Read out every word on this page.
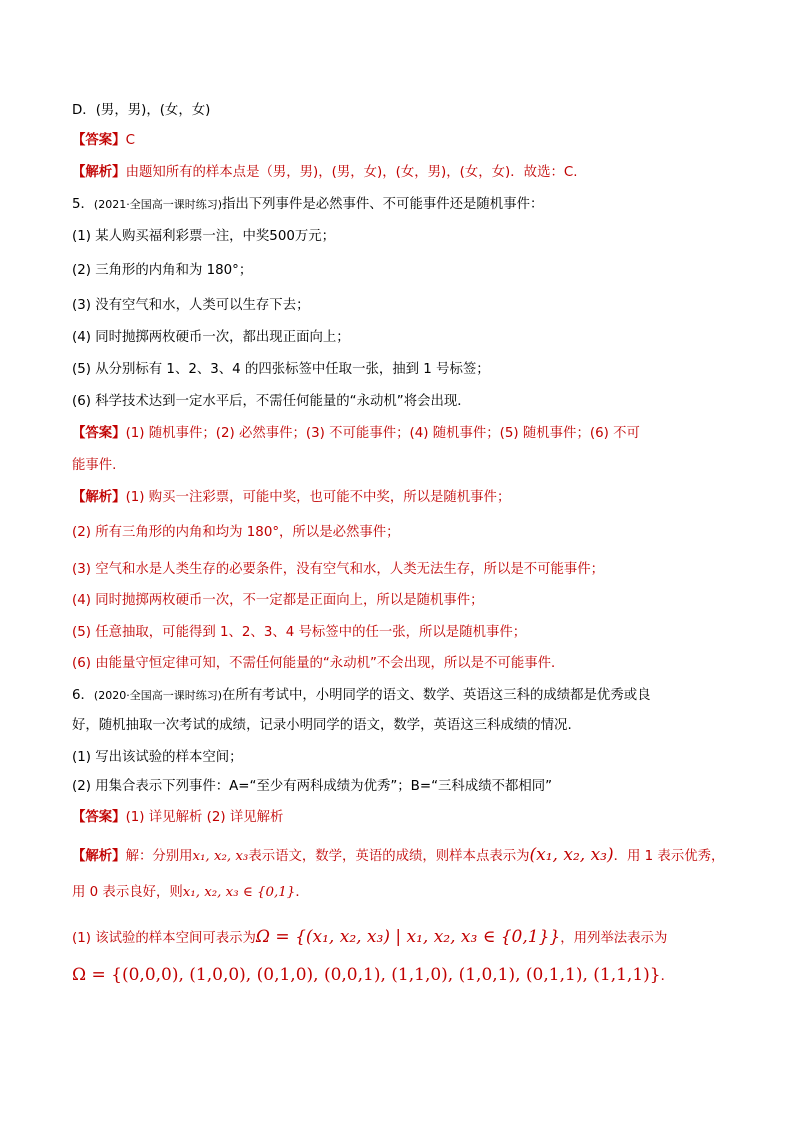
D．(男，男)，(女，女)
【答案】C
【解析】由题知所有的样本点是（男，男)，(男，女)，(女，男)，(女，女)．故选：C.
5．(2021·全国高一课时练习)指出下列事件是必然事件、不可能事件还是随机事件：
(1) 某人购买福利彩票一注，中奖500万元；
(2) 三角形的内角和为 180°；
(3) 没有空气和水，人类可以生存下去；
(4) 同时抛掷两枚硬币一次，都出现正面向上；
(5) 从分别标有 1、2、3、4 的四张标签中任取一张，抽到 1 号标签；
(6) 科学技术达到一定水平后，不需任何能量的“永动机”将会出现．
【答案】(1) 随机事件；(2) 必然事件；(3) 不可能事件；(4) 随机事件；(5) 随机事件；(6) 不可
能事件.
【解析】(1) 购买一注彩票，可能中奖，也可能不中奖，所以是随机事件；
(2) 所有三角形的内角和均为 180°，所以是必然事件；
(3) 空气和水是人类生存的必要条件，没有空气和水，人类无法生存，所以是不可能事件；
(4) 同时抛掷两枚硬币一次，不一定都是正面向上，所以是随机事件；
(5) 任意抽取，可能得到 1、2、3、4 号标签中的任一张，所以是随机事件；
(6) 由能量守恒定律可知，不需任何能量的“永动机”不会出现，所以是不可能事件．
6．(2020·全国高一课时练习)在所有考试中，小明同学的语文、数学、英语这三科的成绩都是优秀或良
好，随机抽取一次考试的成绩，记录小明同学的语文，数学，英语这三科成绩的情况.
(1) 写出该试验的样本空间；
(2) 用集合表示下列事件：A=“至少有两科成绩为优秀”；B=“三科成绩不都相同”
【答案】(1) 详见解析 (2) 详见解析
【解析】解：分别用x₁, x₂, x₃表示语文，数学，英语的成绩，则样本点表示为(x₁, x₂, x₃)．用 1 表示优秀，
用 0 表示良好，则x₁, x₂, x₃ ∈ {0,1}．
(1) 该试验的样本空间可表示为Ω = {(x₁, x₂, x₃) | x₁, x₂, x₃ ∈ {0,1}}，用列举法表示为
Ω = {(0,0,0), (1,0,0), (0,1,0), (0,0,1), (1,1,0), (1,0,1), (0,1,1), (1,1,1)}．
